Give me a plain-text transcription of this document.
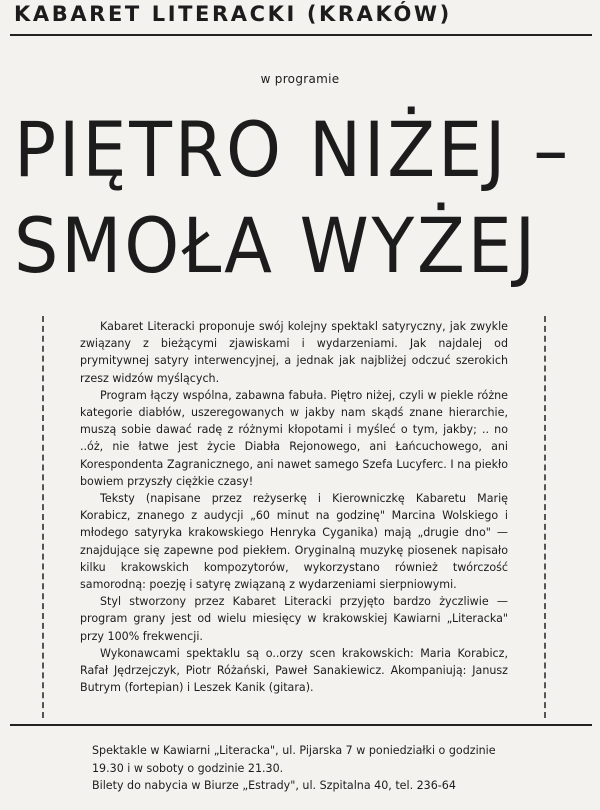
KABARET LITERACKI (KRAKÓW)
w programie
PIĘTRO NIŻEJ –
SMOŁA WYŻEJ

Kabaret Literacki proponuje swój kolejny spektakl satyryczny, jak zwykle związany z bieżącymi zjawiskami i wydarzeniami. Jak najdalej od prymitywnej satyry interwencyjnej, a jednak jak najbliżej odczuć szerokich rzesz widzów myślących.

Program łączy wspólna, zabawna fabuła. Piętro niżej, czyli w piekle różne kategorie diabłów, uszeregowanych w jakby nam skądś znane hierarchie, muszą sobie dawać radę z różnymi kłopotami i myśleć o tym, jakby; .. no ..óż, nie łatwe jest życie Diabła Rejonowego, ani Łańcuchowego, ani Korespondenta Zagranicznego, ani nawet samego Szefa Lucyferc. I na piekło bowiem przyszły ciężkie czasy!

Teksty (napisane przez reżyserkę i Kierowniczkę Kabaretu Marię Korabicz, znanego z audycji „60 minut na godzinę" Marcina Wolskiego i młodego satyryka krakowskiego Henryka Cyganika) mają „drugie dno" — znajdujące się zapewne pod piekłem. Oryginalną muzykę piosenek napisało kilku krakowskich kompozytorów, wykorzystano również twórczość samorodną: poezję i satyrę związaną z wydarzeniami sierpniowymi.

Styl stworzony przez Kabaret Literacki przyjęto bardzo życzliwie — program grany jest od wielu miesięcy w krakowskiej Kawiarni „Literacka" przy 100% frekwencji.

Wykonawcami spektaklu są o..orzy scen krakowskich: Maria Korabicz, Rafał Jędrzejczyk, Piotr Różański, Paweł Sanakiewicz. Akompaniują: Janusz Butrym (fortepian) i Leszek Kanik (gitara).

Spektakle w Kawiarni „Literacka", ul. Pijarska 7 w poniedziałki o godzinie 19.30 i w soboty o godzinie 21.30.

Bilety do nabycia w Biurze „Estrady", ul. Szpitalna 40, tel. 236-64
